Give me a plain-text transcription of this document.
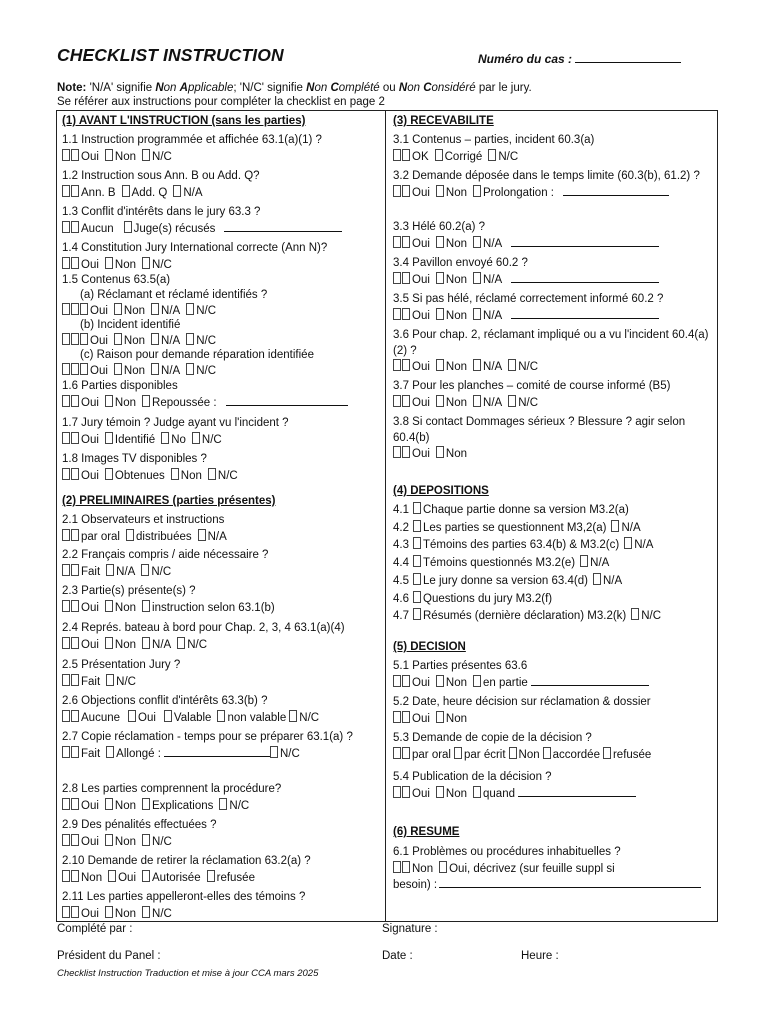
CHECKLIST INSTRUCTION	Numéro du cas :
Note: 'N/A' signifie Non Applicable; 'N/C' signifie Non Complété ou Non Considéré par le jury.
Se référer aux instructions pour compléter la checklist en page 2
(1) AVANT L'INSTRUCTION (sans les parties)
1.1 Instruction programmée et affichée 63.1(a)(1) ?
Oui Non N/C
1.2 Instruction sous Ann. B ou Add. Q?
Ann. B Add. Q N/A
1.3 Conflit d'intérêts dans le jury 63.3 ?
Aucun Juge(s) récusés
1.4 Constitution Jury International correcte (Ann N)?
Oui Non N/C
1.5 Contenus 63.5(a)
(a) Réclamant et réclamé identifiés ?
Oui Non N/A N/C
(b) Incident identifié
Oui Non N/A N/C
(c) Raison pour demande réparation identifiée
Oui Non N/A N/C
1.6 Parties disponibles
Oui Non Repoussée :
1.7 Jury témoin ? Judge ayant vu l'incident ?
Oui Identifié No N/C
1.8 Images TV disponibles ?
Oui Obtenues Non N/C
(2) PRELIMINAIRES (parties présentes)
2.1 Observateurs et instructions
par oral distribuées N/A
2.2 Français compris / aide nécessaire ?
Fait N/A N/C
2.3 Partie(s) présente(s) ?
Oui Non instruction selon 63.1(b)
2.4 Représ. bateau à bord pour Chap. 2, 3, 4 63.1(a)(4)
Oui Non N/A N/C
2.5 Présentation Jury ?
Fait N/C
2.6 Objections conflit d'intérêts 63.3(b) ?
Aucune Oui Valable non valable N/C
2.7 Copie réclamation - temps pour se préparer 63.1(a) ?
Fait Allongé :	N/C
2.8 Les parties comprennent la procédure?
Oui Non Explications N/C
2.9 Des pénalités effectuées ?
Oui Non N/C
2.10 Demande de retirer la réclamation 63.2(a) ?
Non Oui Autorisée refusée
2.11 Les parties appelleront-elles des témoins ?
Oui Non N/C
(3) RECEVABILITE
3.1 Contenus – parties, incident 60.3(a)
OK Corrigé N/C
3.2 Demande déposée dans le temps limite (60.3(b), 61.2) ?
Oui Non Prolongation :
3.3 Hélé 60.2(a) ?
Oui Non N/A
3.4 Pavillon envoyé 60.2 ?
Oui Non N/A
3.5 Si pas hélé, réclamé correctement informé 60.2 ?
Oui Non N/A
3.6 Pour chap. 2, réclamant impliqué ou a vu l'incident 60.4(a)(2) ?
Oui Non N/A N/C
3.7 Pour les planches – comité de course informé (B5)
Oui Non N/A N/C
3.8 Si contact Dommages sérieux ? Blessure ? agir selon 60.4(b)
Oui Non
(4) DEPOSITIONS
4.1 Chaque partie donne sa version M3.2(a)
4.2 Les parties se questionnent M3,2(a) N/A
4.3 Témoins des parties 63.4(b) & M3.2(c) N/A
4.4 Témoins questionnés M3.2(e) N/A
4.5 Le jury donne sa version 63.4(d) N/A
4.6 Questions du jury M3.2(f)
4.7 Résumés (dernière déclaration) M3.2(k) N/C
(5) DECISION
5.1 Parties présentes 63.6
Oui Non en partie
5.2 Date, heure décision sur réclamation & dossier
Oui Non
5.3 Demande de copie de la décision ?
par oral par écrit Non accordée refusée
5.4 Publication de la décision ?
Oui Non quand
(6) RESUME
6.1 Problèmes ou procédures inhabituelles ?
Non Oui, décrivez (sur feuille suppl si
besoin) :
Complété par :	Signature :
Président du Panel :	Date :	Heure :
Checklist Instruction Traduction et mise à jour CCA mars 2025
